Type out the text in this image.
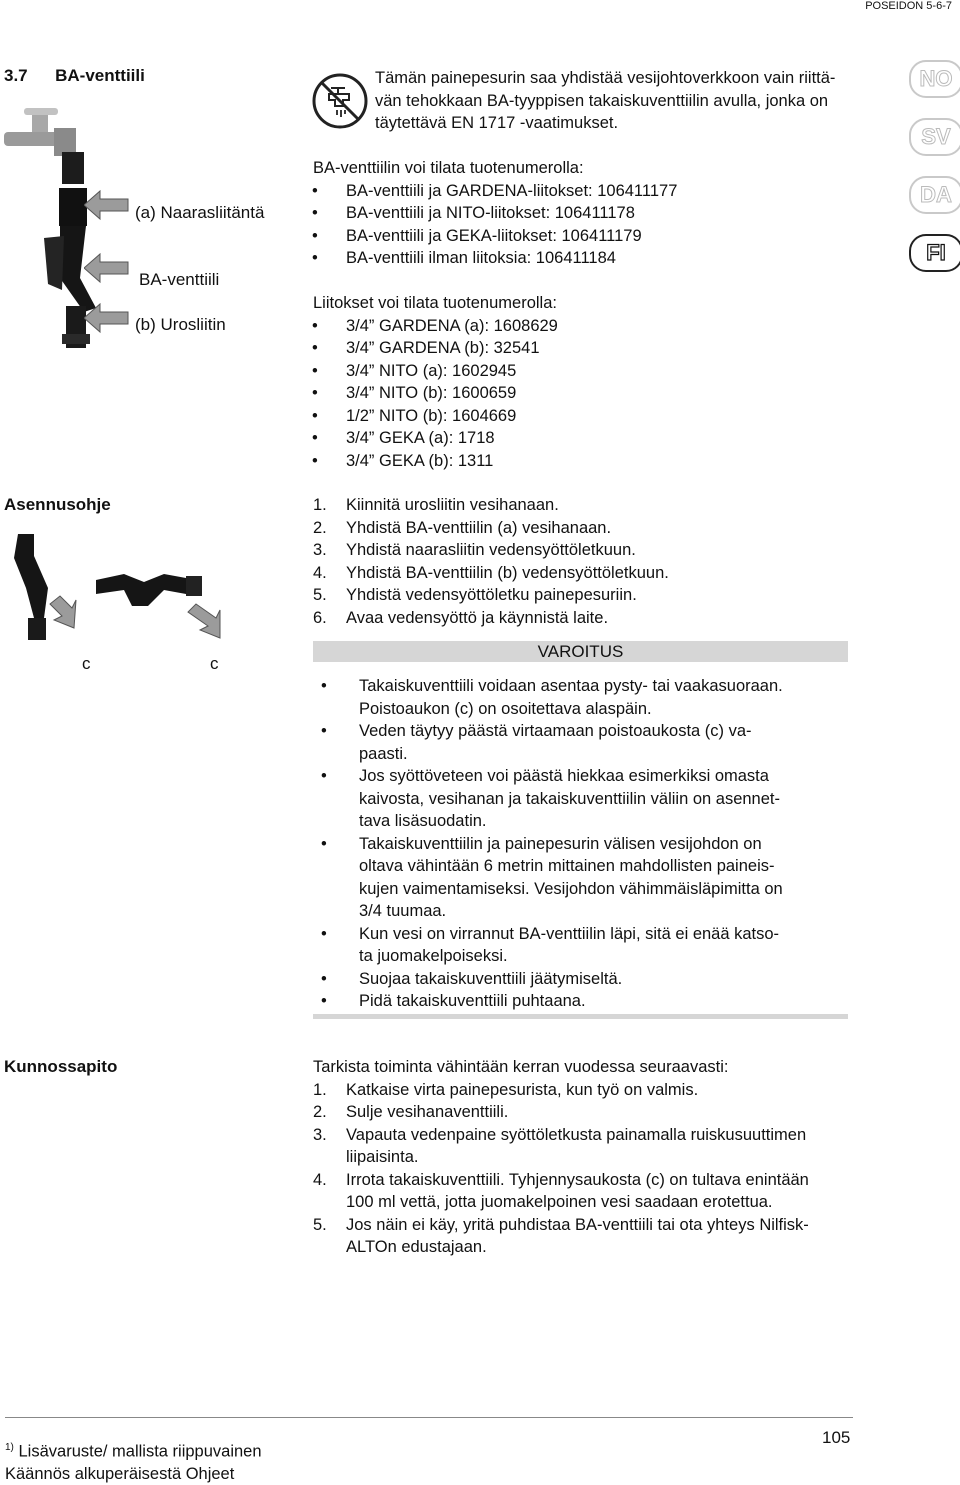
POSEIDON 5-6-7
3.7 BA-venttiili	Tämän painepesurin saa yhdistää vesijohtoverkkoon vain riittä-
vän tehokkaan BA-tyyppisen takaiskuventtiilin avulla, jonka on
täytettävä EN 1717 -vaatimukset.
NO
SV
DA
FI
(a) Naarasliitäntä
BA-venttiili
(b) Urosliitin
BA-venttiilin voi tilata tuotenumerolla:
• BA-venttiili ja GARDENA-liitokset: 106411177
• BA-venttiili ja NITO-liitokset: 106411178
• BA-venttiili ja GEKA-liitokset: 106411179
• BA-venttiili ilman liitoksia: 106411184
Liitokset voi tilata tuotenumerolla:
• 3/4” GARDENA (a): 1608629
• 3/4” GARDENA (b): 32541
• 3/4” NITO (a): 1602945
• 3/4” NITO (b): 1600659
• 1/2” NITO (b): 1604669
• 3/4” GEKA (a): 1718
• 3/4” GEKA (b): 1311
Asennusohje
c	c
1. Kiinnitä urosliitin vesihanaan.
2. Yhdistä BA-venttiilin (a) vesihanaan.
3. Yhdistä naarasliitin vedensyöttöletkuun.
4. Yhdistä BA-venttiilin (b) vedensyöttöletkuun.
5. Yhdistä vedensyöttöletku painepesuriin.
6. Avaa vedensyöttö ja käynnistä laite.
VAROITUS
• Takaiskuventtiili voidaan asentaa pysty- tai vaakasuoraan.
Poistoaukon (c) on osoitettava alaspäin.
• Veden täytyy päästä virtaamaan poistoaukosta (c) va-
paasti.
• Jos syöttöveteen voi päästä hiekkaa esimerkiksi omasta
kaivosta, vesihanan ja takaiskuventtiilin väliin on asennet-
tava lisäsuodatin.
• Takaiskuventtiilin ja painepesurin välisen vesijohdon on
oltava vähintään 6 metrin mittainen mahdollisten paineis-
kujen vaimentamiseksi. Vesijohdon vähimmäisläpimitta on
3/4 tuumaa.
• Kun vesi on virrannut BA-venttiilin läpi, sitä ei enää katso-
ta juomakelpoiseksi.
• Suojaa takaiskuventtiili jäätymiseltä.
• Pidä takaiskuventtiili puhtaana.
Kunnossapito	Tarkista toiminta vähintään kerran vuodessa seuraavasti:
1. Katkaise virta painepesurista, kun työ on valmis.
2. Sulje vesihanaventtiili.
3. Vapauta vedenpaine syöttöletkusta painamalla ruiskusuuttimen
liipaisinta.
4. Irrota takaiskuventtiili. Tyhjennysaukosta (c) on tultava enintään
100 ml vettä, jotta juomakelpoinen vesi saadaan erotettua.
5. Jos näin ei käy, yritä puhdistaa BA-venttiili tai ota yhteys Nilfisk-
ALTOn edustajaan.
105
$^{1)}$ Lisävaruste/ mallista riippuvainen
Käännös alkuperäisestä Ohjeet
